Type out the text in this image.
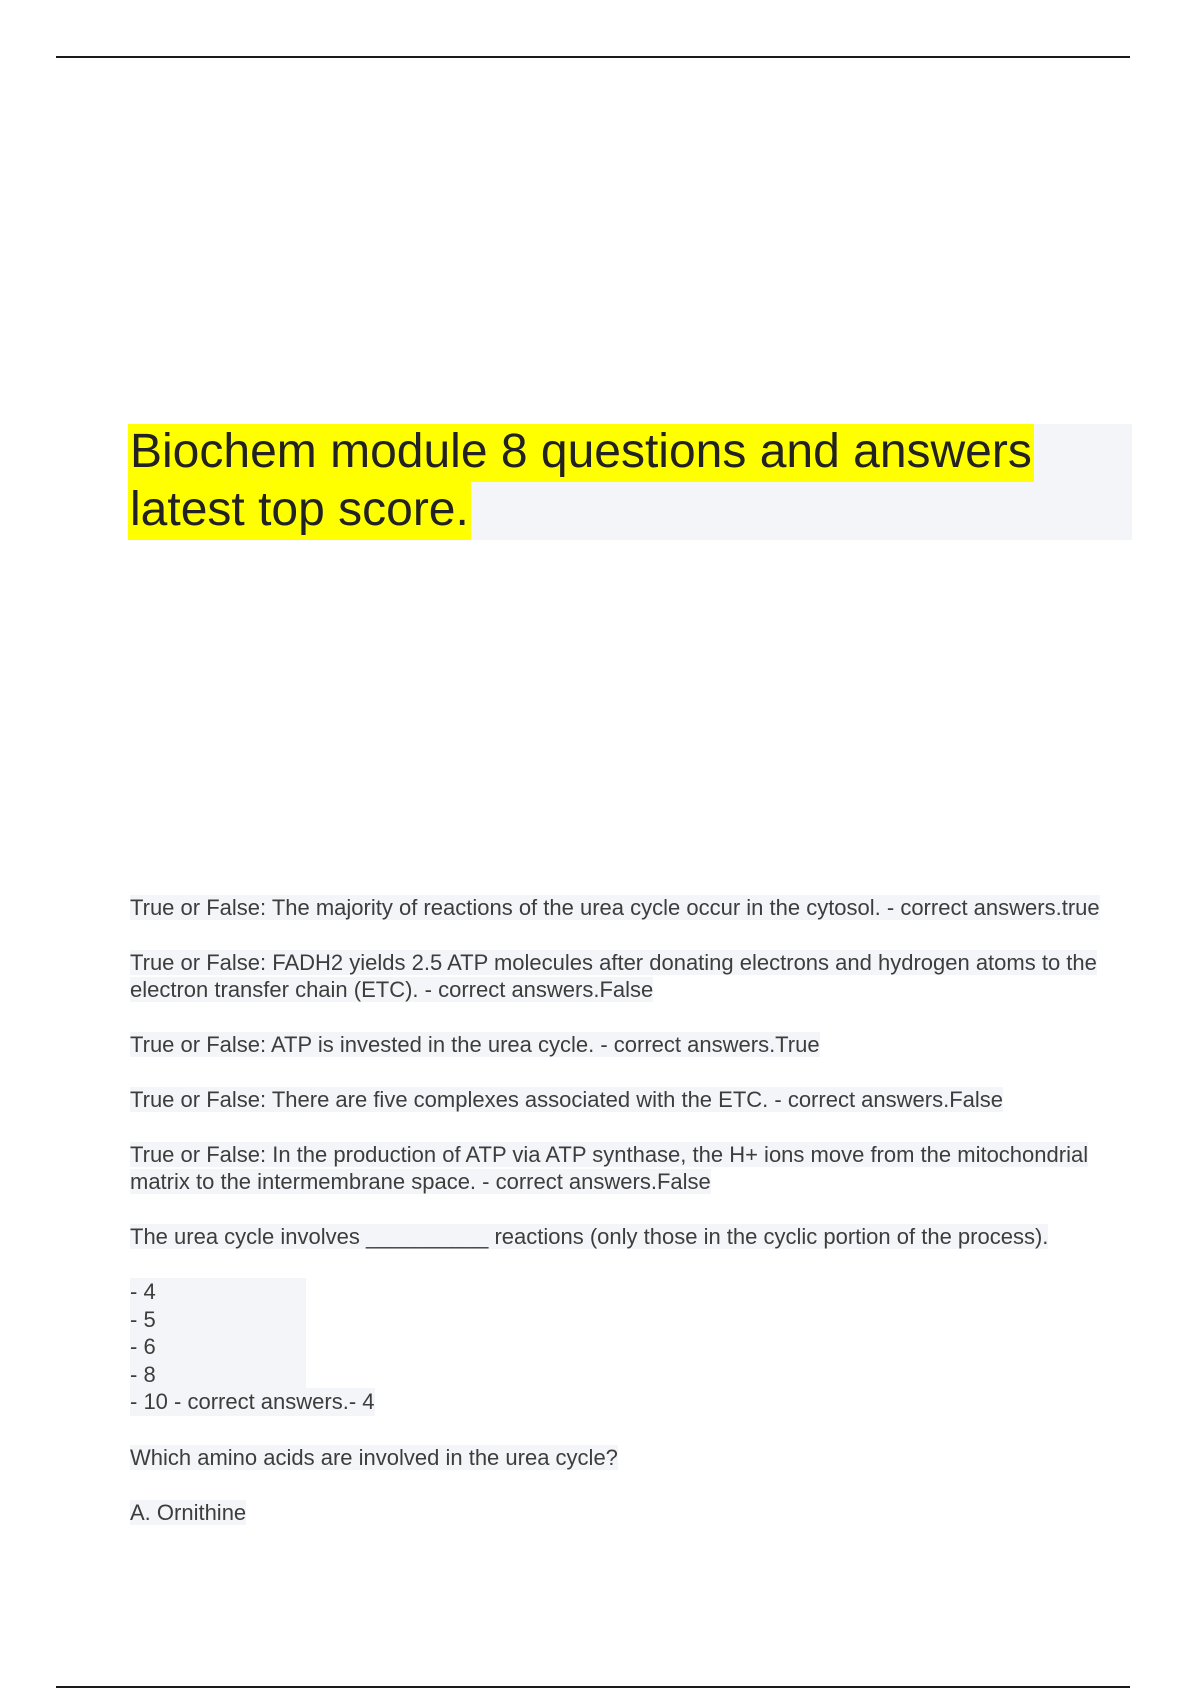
Biochem module 8 questions and answers
latest top score.

True or False: The majority of reactions of the urea cycle occur in the cytosol. - correct answers.true

True or False: FADH2 yields 2.5 ATP molecules after donating electrons and hydrogen atoms to the electron transfer chain (ETC). - correct answers.False

True or False: ATP is invested in the urea cycle. - correct answers.True

True or False: There are five complexes associated with the ETC. - correct answers.False

True or False: In the production of ATP via ATP synthase, the H+ ions move from the mitochondrial matrix to the intermembrane space. - correct answers.False

The urea cycle involves __________ reactions (only those in the cyclic portion of the process).

- 4
- 5
- 6
- 8
- 10 - correct answers.- 4

Which amino acids are involved in the urea cycle?

A. Ornithine
